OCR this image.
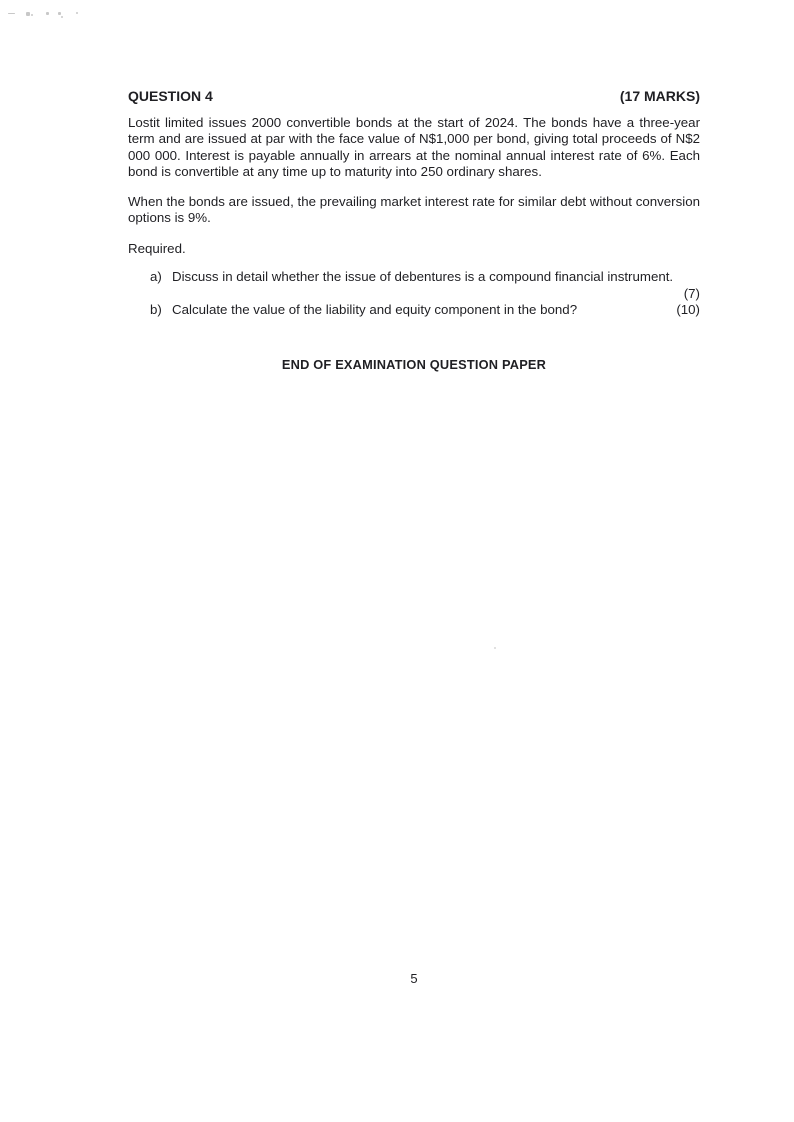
QUESTION 4	(17 MARKS)

Lostit limited issues 2000 convertible bonds at the start of 2024. The bonds have a three-year term and are issued at par with the face value of N$1,000 per bond, giving total proceeds of N$2 000 000. Interest is payable annually in arrears at the nominal annual interest rate of 6%. Each bond is convertible at any time up to maturity into 250 ordinary shares.

When the bonds are issued, the prevailing market interest rate for similar debt without conversion options is 9%.

Required.
a) Discuss in detail whether the issue of debentures is a compound financial instrument.
(7)
b) Calculate the value of the liability and equity component in the bond?	(10)
END OF EXAMINATION QUESTION PAPER
5
